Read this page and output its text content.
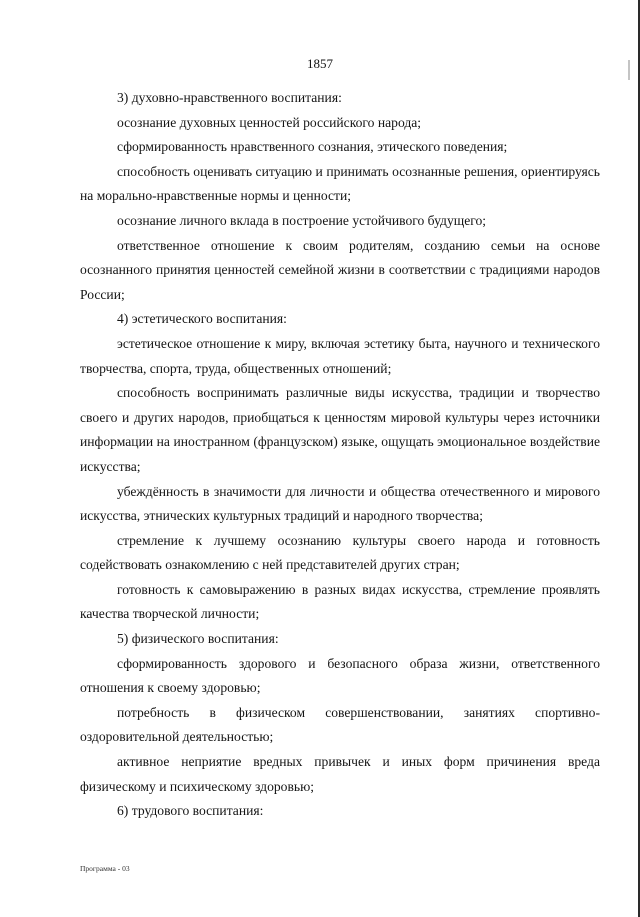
1857

3) духовно-нравственного воспитания:

осознание духовных ценностей российского народа;

сформированность нравственного сознания, этического поведения;

способность оценивать ситуацию и принимать осознанные решения, ориентируясь на морально-нравственные нормы и ценности;

осознание личного вклада в построение устойчивого будущего;

ответственное отношение к своим родителям, созданию семьи на основе осознанного принятия ценностей семейной жизни в соответствии с традициями народов России;

4) эстетического воспитания:

эстетическое отношение к миру, включая эстетику быта, научного и технического творчества, спорта, труда, общественных отношений;

способность воспринимать различные виды искусства, традиции и творчество своего и других народов, приобщаться к ценностям мировой культуры через источники информации на иностранном (французском) языке, ощущать эмоциональное воздействие искусства;

убеждённость в значимости для личности и общества отечественного и мирового искусства, этнических культурных традиций и народного творчества;

стремление к лучшему осознанию культуры своего народа и готовность содействовать ознакомлению с ней представителей других стран;

готовность к самовыражению в разных видах искусства, стремление проявлять качества творческой личности;

5) физического воспитания:

сформированность здорового и безопасного образа жизни, ответственного отношения к своему здоровью;

потребность в физическом совершенствовании, занятиях спортивно-оздоровительной деятельностью;

активное неприятие вредных привычек и иных форм причинения вреда физическому и психическому здоровью;

6) трудового воспитания:

Программа - 03
